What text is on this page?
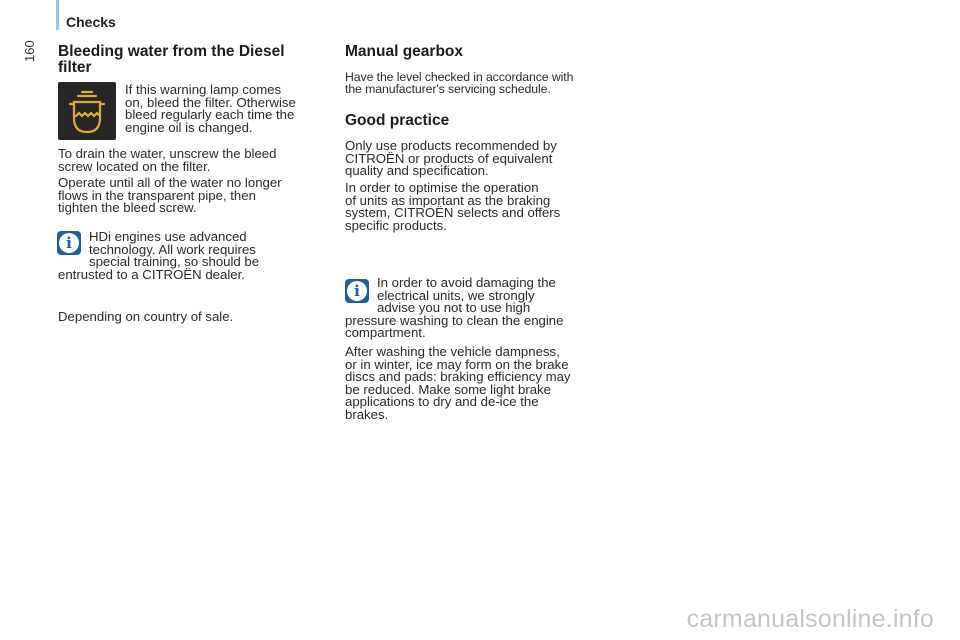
160
Checks
Bleeding water from the Diesel
filter
If this warning lamp comes
on, bleed the filter. Otherwise
bleed regularly each time the
engine oil is changed.
To drain the water, unscrew the bleed
screw located on the filter.
Operate until all of the water no longer
flows in the transparent pipe, then
tighten the bleed screw.
i	HDi engines use advanced
technology. All work requires
special training, so should be
entrusted to a CITROËN dealer.
Depending on country of sale.
Manual gearbox
Have the level checked in accordance with
the manufacturer's servicing schedule.
Good practice
Only use products recommended by
CITROËN or products of equivalent
quality and specification.
In order to optimise the operation
of units as important as the braking
system, CITROËN selects and offers
specific products.
i	In order to avoid damaging the
electrical units, we strongly
advise you not to use high
pressure washing to clean the engine
compartment.
After washing the vehicle dampness,
or in winter, ice may form on the brake
discs and pads: braking efficiency may
be reduced. Make some light brake
applications to dry and de-ice the
brakes.
carmanualsonline.info
